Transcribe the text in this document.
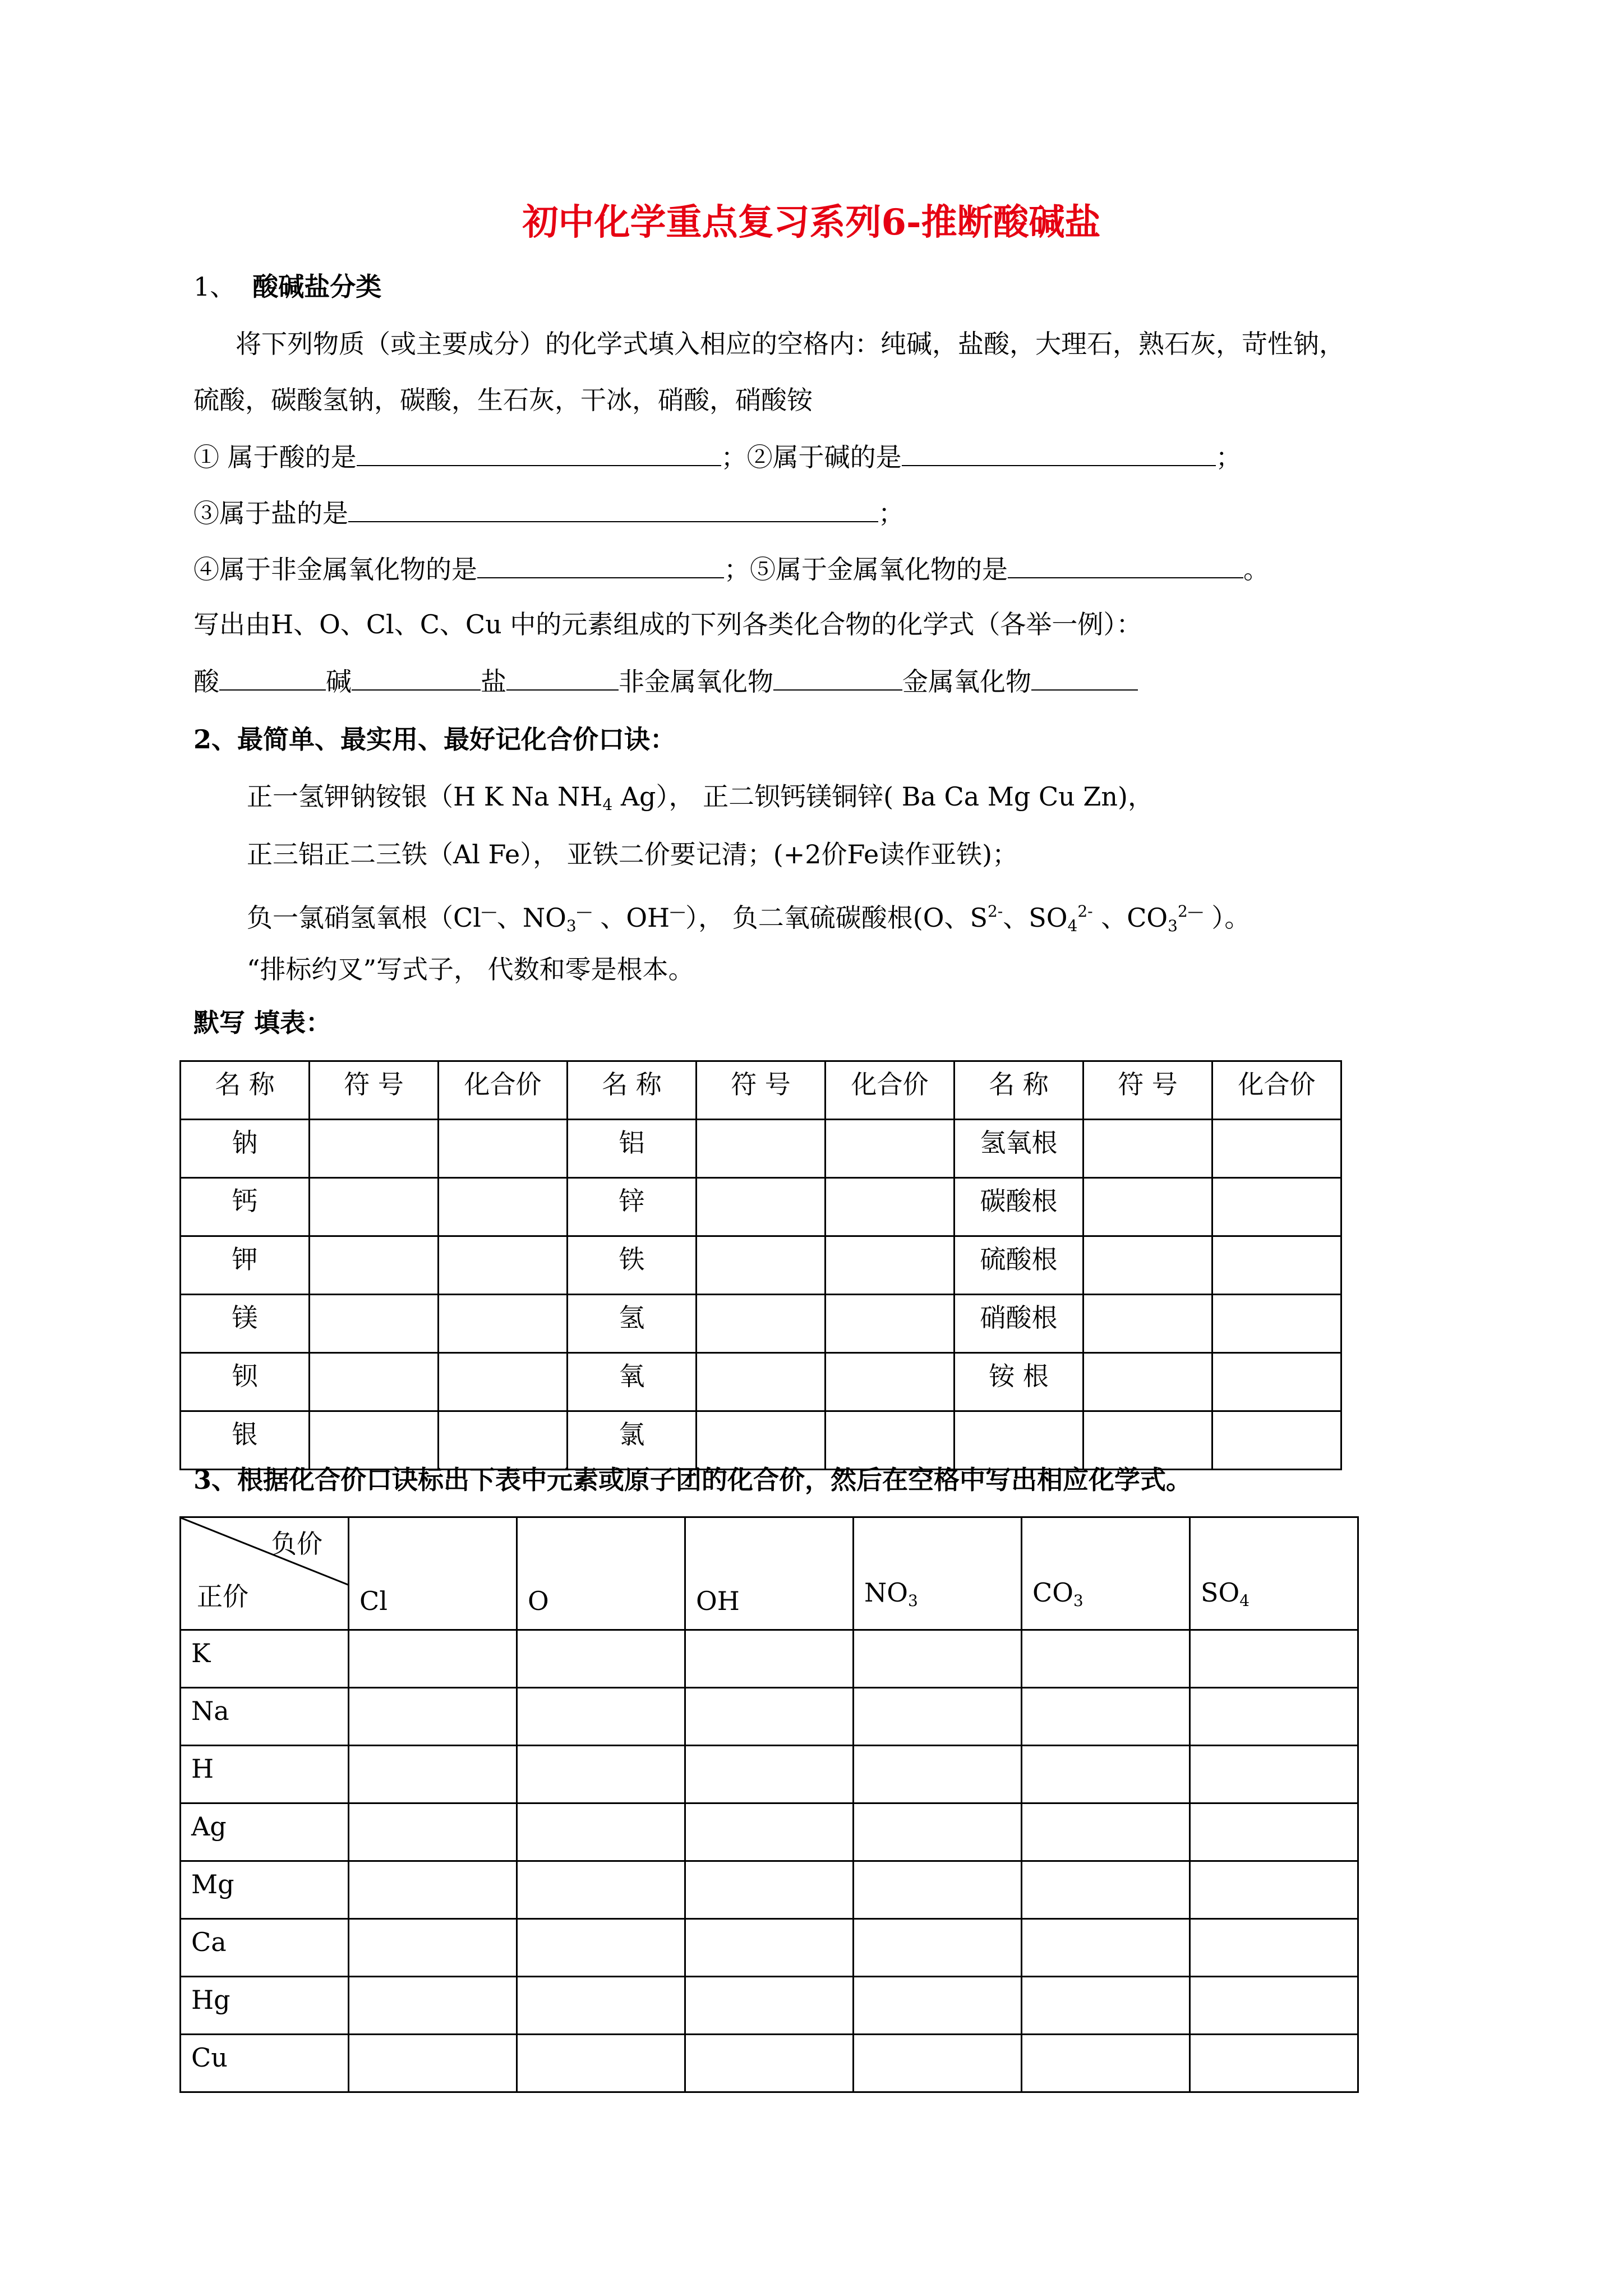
初中化学重点复习系列6-推断酸碱盐
1、 酸碱盐分类
将下列物质（或主要成分）的化学式填入相应的空格内：纯碱，盐酸，大理石，熟石灰，苛性钠，
硫酸，碳酸氢钠，碳酸，生石灰，干冰，硝酸，硝酸铵
① 属于酸的是	；②属于碱的是	；
③属于盐的是	；
④属于非金属氧化物的是	；⑤属于金属氧化物的是	。
写出由H、O、Cl、C、Cu 中的元素组成的下列各类化合物的化学式（各举一例）：
酸	碱	盐	非金属氧化物	金属氧化物
2、最简单、最实用、最好记化合价口诀：
正一氢钾钠铵银（H K Na $NH_4$ Ag）， 正二钡钙镁铜锌( Ba Ca Mg Cu Zn)，
正三铝正二三铁（Al Fe）， 亚铁二价要记清；(+2价Fe读作亚铁)；
负一氯硝氢氧根（Cl—、$NO_3^—$ 、OH—）， 负二氧硫碳酸根(O、$S^{2-}$、$SO_4^{2-}$ 、$CO_3^{2—}$ ）。
“排标约叉”写式子， 代数和零是根本。
默写 填表：
名 称	符 号	化合价	名 称	符 号	化合价	名 称	符 号	化合价
钠			铝			氢氧根		
钙			锌			碳酸根		
钾			铁			硫酸根		
镁			氢			硝酸根		
钡			氧			铵 根		
银			氯					
3、根据化合价口诀标出下表中元素或原子团的化合价，然后在空格中写出相应化学式。
负价
正价	Cl	O	OH	$NO_3$	$CO_3$	$SO_4$
K						
Na						
H						
Ag						
Mg						
Ca						
Hg						
Cu						
